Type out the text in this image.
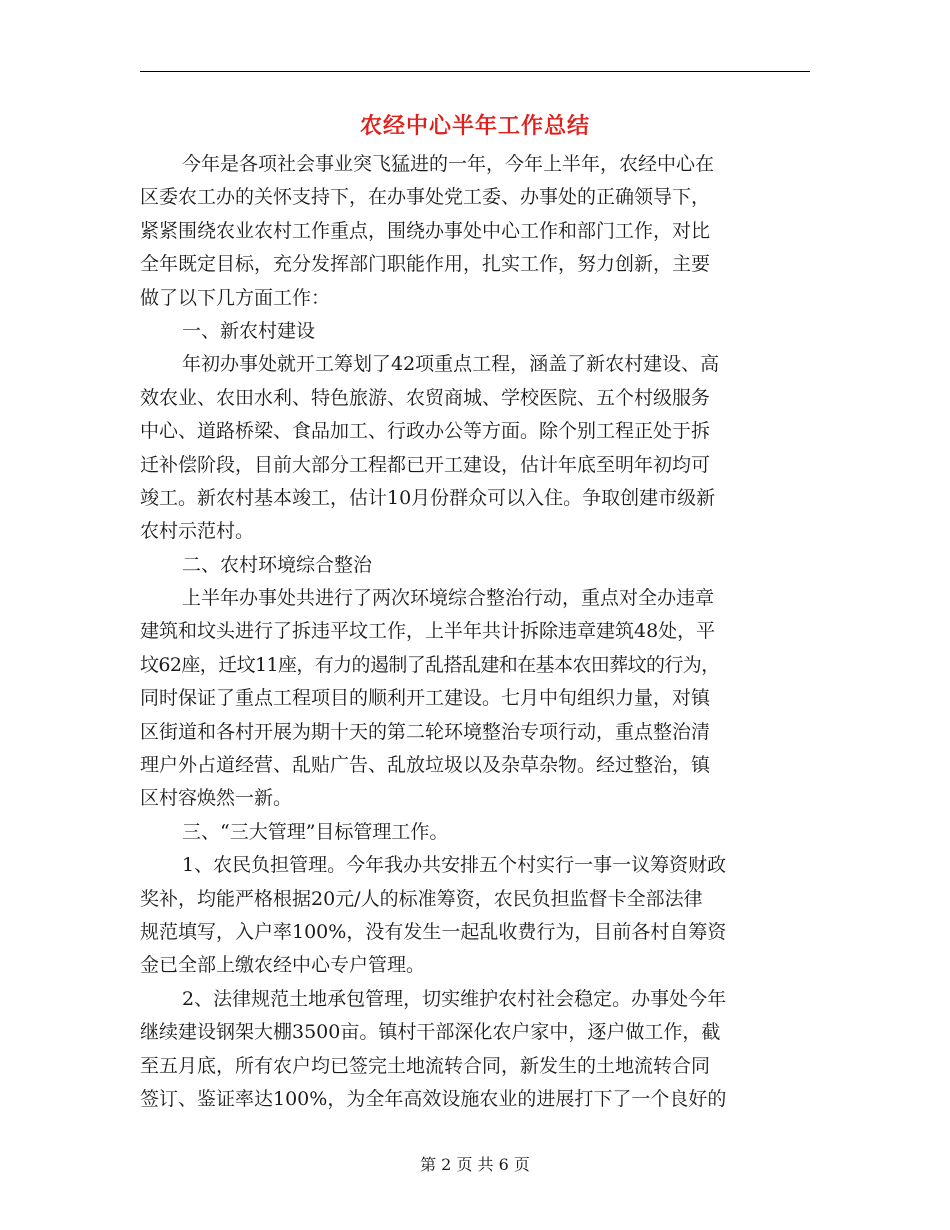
农经中心半年工作总结
今年是各项社会事业突飞猛进的一年，今年上半年，农经中心在
区委农工办的关怀支持下，在办事处党工委、办事处的正确领导下，
紧紧围绕农业农村工作重点，围绕办事处中心工作和部门工作，对比
全年既定目标，充分发挥部门职能作用，扎实工作，努力创新，主要
做了以下几方面工作：
一、新农村建设
年初办事处就开工筹划了42项重点工程，涵盖了新农村建设、高
效农业、农田水利、特色旅游、农贸商城、学校医院、五个村级服务
中心、道路桥梁、食品加工、行政办公等方面。除个别工程正处于拆
迁补偿阶段，目前大部分工程都已开工建设，估计年底至明年初均可
竣工。新农村基本竣工，估计10月份群众可以入住。争取创建市级新
农村示范村。
二、农村环境综合整治
上半年办事处共进行了两次环境综合整治行动，重点对全办违章
建筑和坟头进行了拆违平坟工作，上半年共计拆除违章建筑48处，平
坟62座，迁坟11座，有力的遏制了乱搭乱建和在基本农田葬坟的行为，
同时保证了重点工程项目的顺利开工建设。七月中旬组织力量，对镇
区街道和各村开展为期十天的第二轮环境整治专项行动，重点整治清
理户外占道经营、乱贴广告、乱放垃圾以及杂草杂物。经过整治，镇
区村容焕然一新。
三、“三大管理”目标管理工作。
1、农民负担管理。今年我办共安排五个村实行一事一议筹资财政
奖补，均能严格根据20元/人的标准筹资，农民负担监督卡全部法律
规范填写，入户率100%，没有发生一起乱收费行为，目前各村自筹资
金已全部上缴农经中心专户管理。
2、法律规范土地承包管理，切实维护农村社会稳定。办事处今年
继续建设钢架大棚3500亩。镇村干部深化农户家中，逐户做工作，截
至五月底，所有农户均已签完土地流转合同，新发生的土地流转合同
签订、鉴证率达100%，为全年高效设施农业的进展打下了一个良好的
第 2 页 共 6 页
